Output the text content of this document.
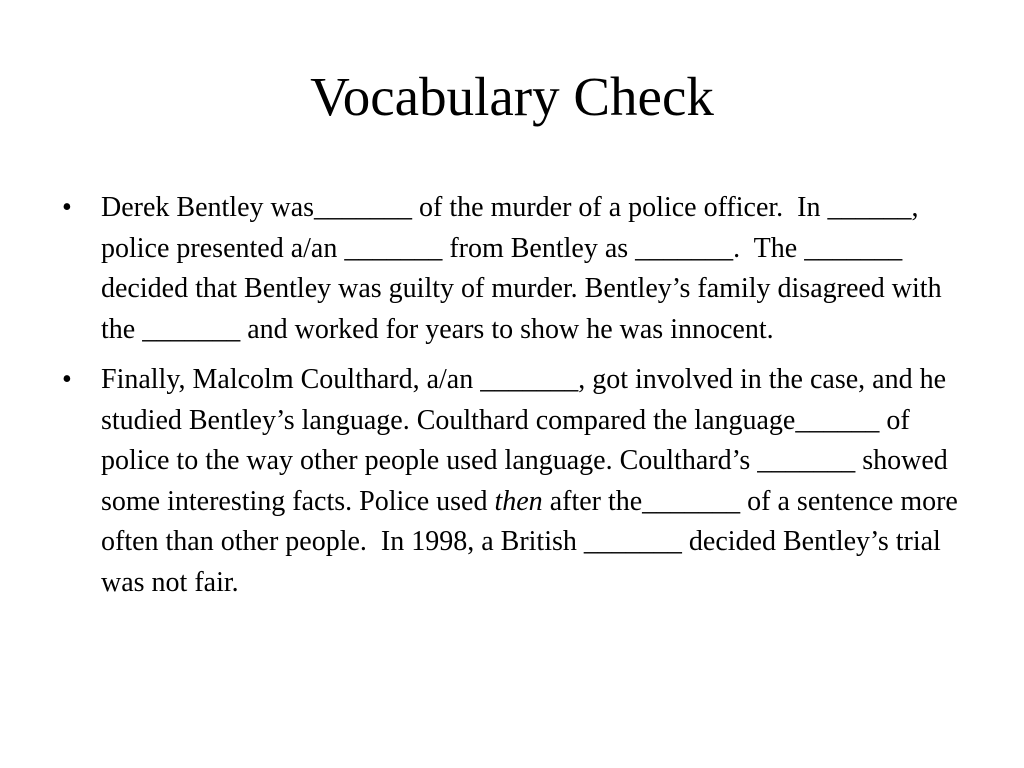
Vocabulary Check
• Derek Bentley was_______ of the murder of a police officer.  In ______, police presented a/an _______ from Bentley as _______.  The _______ decided that Bentley was guilty of murder. Bentley’s family disagreed with the _______ and worked for years to show he was innocent.
• Finally, Malcolm Coulthard, a/an _______, got involved in the case, and he studied Bentley’s language. Coulthard compared the language______ of police to the way other people used language. Coulthard’s _______ showed some interesting facts. Police used then after the_______ of a sentence more often than other people.  In 1998, a British _______ decided Bentley’s trial was not fair.
